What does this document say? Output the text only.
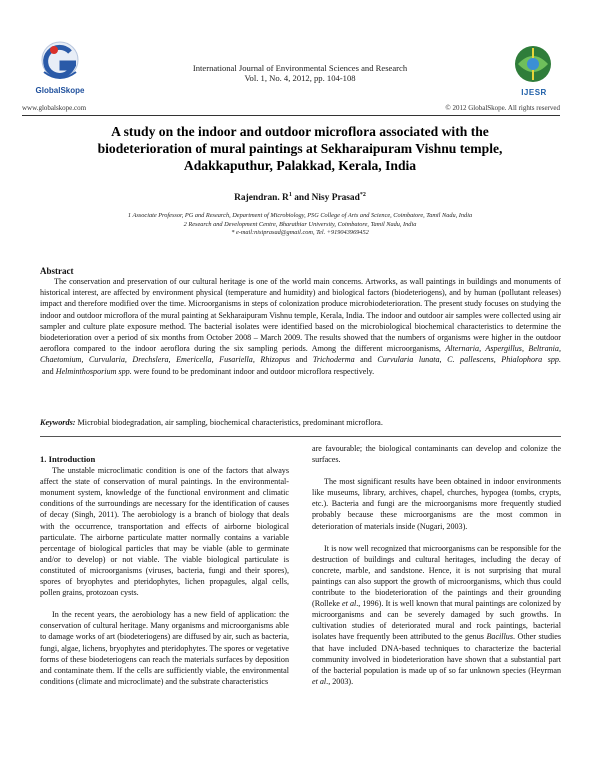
GlobalSkope
International Journal of Environmental Sciences and Research
Vol. 1, No. 4, 2012, pp. 104-108
IJESR
www.globalskope.com	© 2012 GlobalSkope. All rights reserved
A study on the indoor and outdoor microflora associated with the
biodeterioration of mural paintings at Sekharaipuram Vishnu temple,
Adakkaputhur, Palakkad, Kerala, India
Rajendran. $R^1$ and Nisy Prasad$^{*2}$
1 Associate Professor, PG and Research, Department of Microbiology, PSG College of Arts and Science, Coimbatore, Tamil Nadu, India
2 Research and Development Centre, Bharathiar University, Coimbatore, Tamil Nadu, India
* e-mail:nisiprasad@gmail.com, Tel. +919043969452
Abstract
The conservation and preservation of our cultural heritage is one of the world main concerns. Artworks, as wall paintings in buildings and monuments of historical interest, are affected by environment physical (temperature and humidity) and biological factors (biodeteriogens), and by human (pollutant releases) impact and therefore modified over the time. Microorganisms in steps of colonization produce microbiodeterioration. The present study focuses on studying the indoor and outdoor microflora of the mural painting at Sekharaipuram Vishnu temple, Kerala, India. The indoor and outdoor air samples were collected using air sampler and culture plate exposure method. The bacterial isolates were identified based on the microbiological biochemical characteristics to determine the biodeterioration over a period of six months from October 2008 – March 2009. The results showed that the numbers of organisms were higher in the outdoor aeroflora compared to the indoor aeroflora during the six sampling periods. Among the different microorganisms, Alternaria, Aspergillus, Beltrania, Chaetomium, Curvularia, Drechslera, Emericella, Fusariella, Rhizopus and Trichoderma and Curvularia lunata, C. pallescens, Phialophora spp. and Helminthosporium spp. were found to be predominant indoor and outdoor microflora respectively.
Keywords: Microbial biodegradation, air sampling, biochemical characteristics, predominant microflora.
1. Introduction

The unstable microclimatic condition is one of the factors that always affect the state of conservation of mural paintings. In the environmental-monument system, knowledge of the functional environment and climatic conditions of the surroundings are necessary for the identification of causes of decay (Singh, 2011). The aerobiology is a branch of biology that deals with the occurrence, transportation and effects of airborne biological particulate. The airborne particulate matter normally contains a variable percentage of biological particles that may be viable (able to germinate and/or to develop) or not viable. The viable biological particulate is constituted of microorganisms (viruses, bacteria, fungi and their spores), spores of bryophytes and pteridophytes, lichen propagules, algal cells, pollen grains, protozoan cysts.

In the recent years, the aerobiology has a new field of application: the conservation of cultural heritage. Many organisms and microorganisms able to damage works of art (biodeteriogens) are diffused by air, such as bacteria, fungi, algae, lichens, bryophytes and pteridophytes. The spores or vegetative forms of these biodeteriogens can reach the materials surfaces by deposition and contaminate them. If the cells are sufficiently viable, the environmental conditions (climate and microclimate) and the substrate characteristics

are favourable; the biological contaminants can develop and colonize the surfaces.

The most significant results have been obtained in indoor environments like museums, library, archives, chapel, churches, hypogea (tombs, crypts, etc.). Bacteria and fungi are the microorganisms more frequently studied probably because these microorganisms are the most common in deterioration of materials inside (Nugari, 2003).

It is now well recognized that microorganisms can be responsible for the destruction of buildings and cultural heritages, including the decay of concrete, marble, and sandstone. Hence, it is not surprising that mural paintings can also support the growth of microorganisms, which thus could contribute to the biodeterioration of the paintings and their grounding (Rolleke et al., 1996). It is well known that mural paintings are colonized by microorganisms and can be severely damaged by such growths. In cultivation studies of deteriorated mural and rock paintings, bacterial isolates have frequently been attributed to the genus Bacillus. Other studies that have included DNA-based techniques to characterize the bacterial community involved in biodeterioration have shown that a substantial part of the bacterial population is made up of so far unknown species (Heyrman et al., 2003).
